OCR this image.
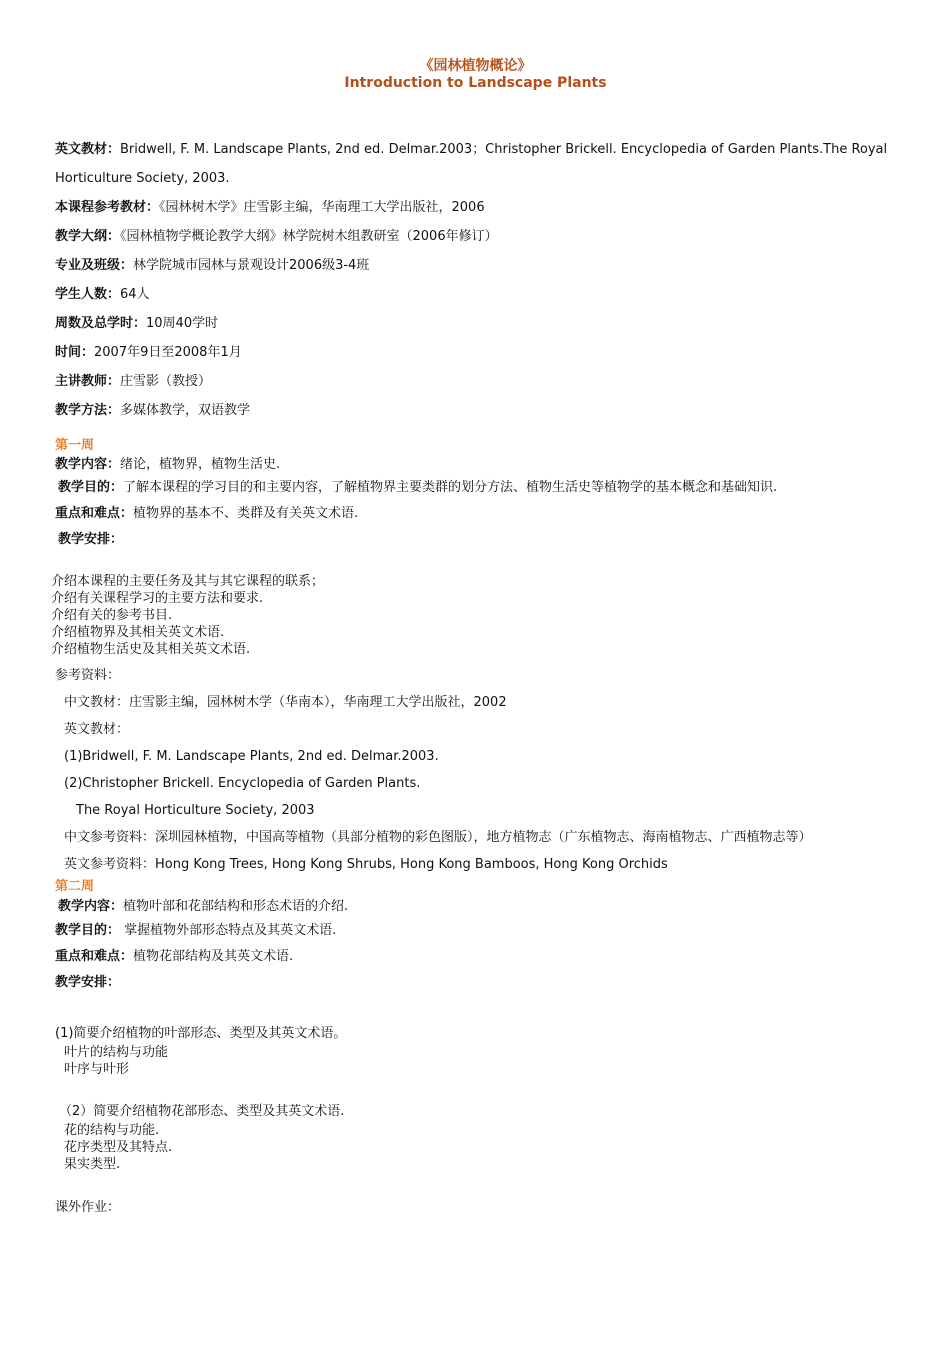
《园林植物概论》
Introduction to Landscape Plants
英文教材：Bridwell, F. M. Landscape Plants, 2nd ed. Delmar.2003；Christopher Brickell. Encyclopedia of Garden Plants.The Royal Horticulture Society, 2003.
本课程参考教材：《园林树木学》庄雪影主编，华南理工大学出版社，2006
教学大纲：《园林植物学概论教学大纲》林学院树木组教研室（2006年修订）
专业及班级：林学院城市园林与景观设计2006级3-4班
学生人数：64人
周数及总学时：10周40学时
时间：2007年9日至2008年1月
主讲教师：庄雪影（教授）
教学方法：多媒体教学，双语教学
第一周
教学内容：绪论，植物界，植物生活史.
教学目的：了解本课程的学习目的和主要内容，了解植物界主要类群的划分方法、植物生活史等植物学的基本概念和基础知识.
重点和难点：植物界的基本不、类群及有关英文术语.
教学安排：
介绍本课程的主要任务及其与其它课程的联系；
介绍有关课程学习的主要方法和要求.
介绍有关的参考书目.
介绍植物界及其相关英文术语.
介绍植物生活史及其相关英文术语.
参考资料：
中文教材：庄雪影主编，园林树木学（华南本），华南理工大学出版社，2002
英文教材：
(1)Bridwell, F. M. Landscape Plants, 2nd ed. Delmar.2003.
(2)Christopher Brickell. Encyclopedia of Garden Plants.
The Royal Horticulture Society, 2003
中文参考资料：深圳园林植物，中国高等植物（具部分植物的彩色图版），地方植物志（广东植物志、海南植物志、广西植物志等）
英文参考资料：Hong Kong Trees, Hong Kong Shrubs, Hong Kong Bamboos, Hong Kong Orchids
第二周
教学内容：植物叶部和花部结构和形态术语的介绍.
教学目的： 掌握植物外部形态特点及其英文术语.
重点和难点：植物花部结构及其英文术语.
教学安排：
(1)简要介绍植物的叶部形态、类型及其英文术语。
叶片的结构与功能
叶序与叶形
（2）简要介绍植物花部形态、类型及其英文术语.
花的结构与功能.
花序类型及其特点.
果实类型.
课外作业：
